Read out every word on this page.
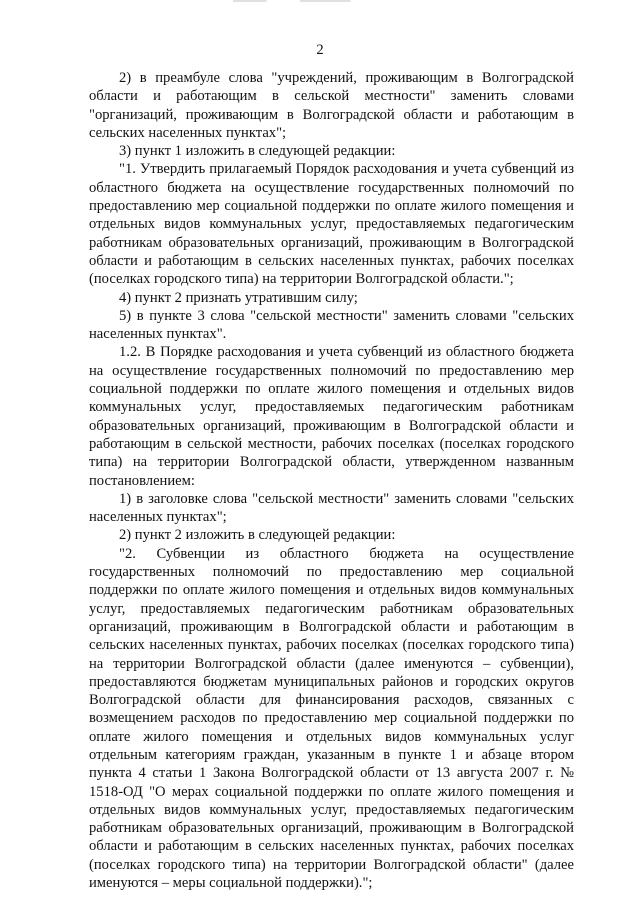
2

2) в преамбуле слова "учреждений, проживающим в Волгоградской области и работающим в сельской местности" заменить словами "организаций, проживающим в Волгоградской области и работающим в сельских населенных пунктах";

3) пункт 1 изложить в следующей редакции:

"1. Утвердить прилагаемый Порядок расходования и учета субвенций из областного бюджета на осуществление государственных полномочий по предоставлению мер социальной поддержки по оплате жилого помещения и отдельных видов коммунальных услуг, предоставляемых педагогическим работникам образовательных организаций, проживающим в Волгоградской области и работающим в сельских населенных пунктах, рабочих поселках (поселках городского типа) на территории Волгоградской области.";

4) пункт 2 признать утратившим силу;

5) в пункте 3 слова "сельской местности" заменить словами "сельских населенных пунктах".

1.2. В Порядке расходования и учета субвенций из областного бюджета на осуществление государственных полномочий по предоставлению мер социальной поддержки по оплате жилого помещения и отдельных видов коммунальных услуг, предоставляемых педагогическим работникам образовательных организаций, проживающим в Волгоградской области и работающим в сельской местности, рабочих поселках (поселках городского типа) на территории Волгоградской области, утвержденном названным постановлением:

1) в заголовке слова "сельской местности" заменить словами "сельских населенных пунктах";

2) пункт 2 изложить в следующей редакции:

"2. Субвенции из областного бюджета на осуществление государственных полномочий по предоставлению мер социальной поддержки по оплате жилого помещения и отдельных видов коммунальных услуг, предоставляемых педагогическим работникам образовательных организаций, проживающим в Волгоградской области и работающим в сельских населенных пунктах, рабочих поселках (поселках городского типа) на территории Волгоградской области (далее именуются – субвенции), предоставляются бюджетам муниципальных районов и городских округов Волгоградской области для финансирования расходов, связанных с возмещением расходов по предоставлению мер социальной поддержки по оплате жилого помещения и отдельных видов коммунальных услуг отдельным категориям граждан, указанным в пункте 1 и абзаце втором пункта 4 статьи 1 Закона Волгоградской области от 13 августа 2007 г. № 1518-ОД "О мерах социальной поддержки по оплате жилого помещения и отдельных видов коммунальных услуг, предоставляемых педагогическим работникам образовательных организаций, проживающим в Волгоградской области и работающим в сельских населенных пунктах, рабочих поселках (поселках городского типа) на территории Волгоградской области" (далее именуются – меры социальной поддержки).";
